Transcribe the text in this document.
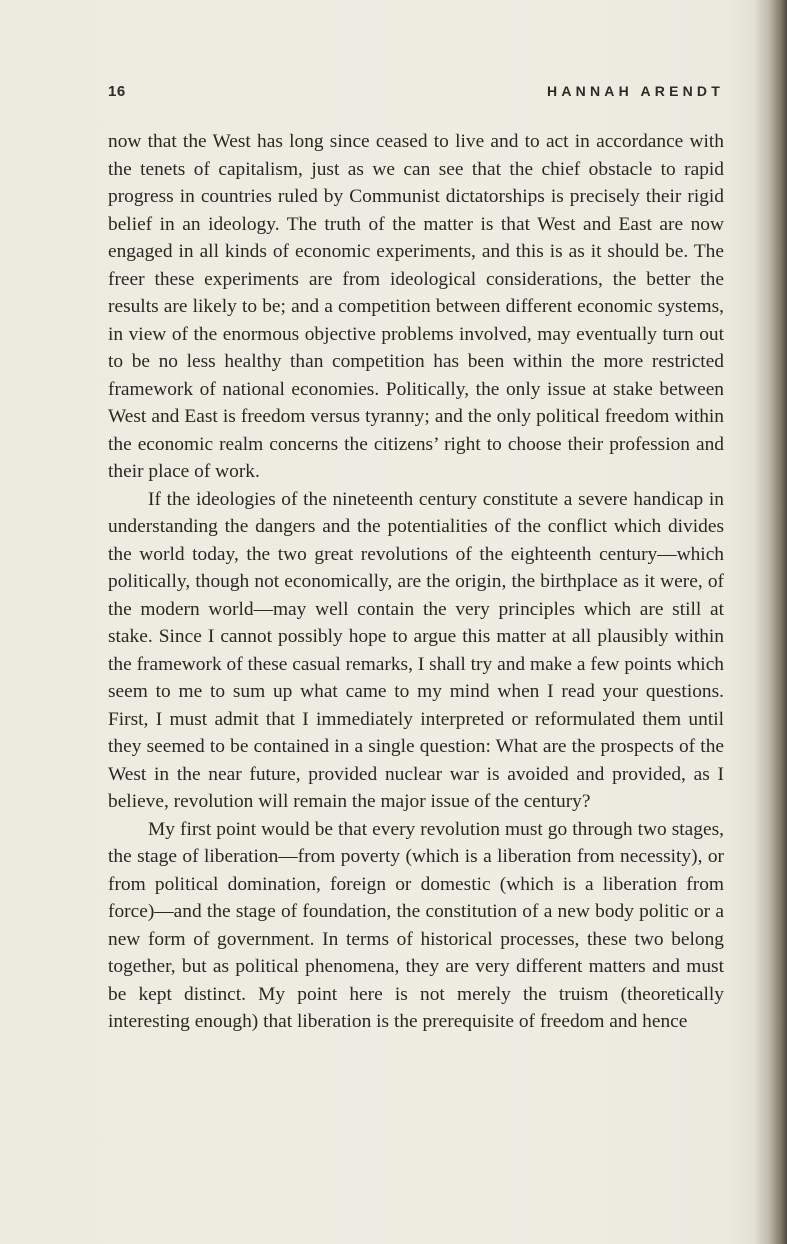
16	HANNAH ARENDT

now that the West has long since ceased to live and to act in accordance with the tenets of capitalism, just as we can see that the chief obstacle to rapid progress in countries ruled by Communist dictatorships is precisely their rigid belief in an ideology. The truth of the matter is that West and East are now engaged in all kinds of economic experiments, and this is as it should be. The freer these experiments are from ideological considerations, the better the results are likely to be; and a competition between different economic systems, in view of the enormous objective problems involved, may eventually turn out to be no less healthy than competition has been within the more restricted framework of national economies. Politically, the only issue at stake between West and East is freedom versus tyranny; and the only political freedom within the economic realm concerns the citizens’ right to choose their profession and their place of work.

If the ideologies of the nineteenth century constitute a severe handicap in understanding the dangers and the potentialities of the conflict which divides the world today, the two great revolutions of the eighteenth century—which politically, though not economically, are the origin, the birthplace as it were, of the modern world—may well contain the very principles which are still at stake. Since I cannot possibly hope to argue this matter at all plausibly within the framework of these casual remarks, I shall try and make a few points which seem to me to sum up what came to my mind when I read your questions. First, I must admit that I immediately interpreted or reformulated them until they seemed to be contained in a single question: What are the prospects of the West in the near future, provided nuclear war is avoided and provided, as I believe, revolution will remain the major issue of the century?

My first point would be that every revolution must go through two stages, the stage of liberation—from poverty (which is a liberation from necessity), or from political domination, foreign or domestic (which is a liberation from force)—and the stage of foundation, the constitution of a new body politic or a new form of government. In terms of historical processes, these two belong together, but as political phenomena, they are very different matters and must be kept distinct. My point here is not merely the truism (theoretically interesting enough) that liberation is the prerequisite of freedom and hence
